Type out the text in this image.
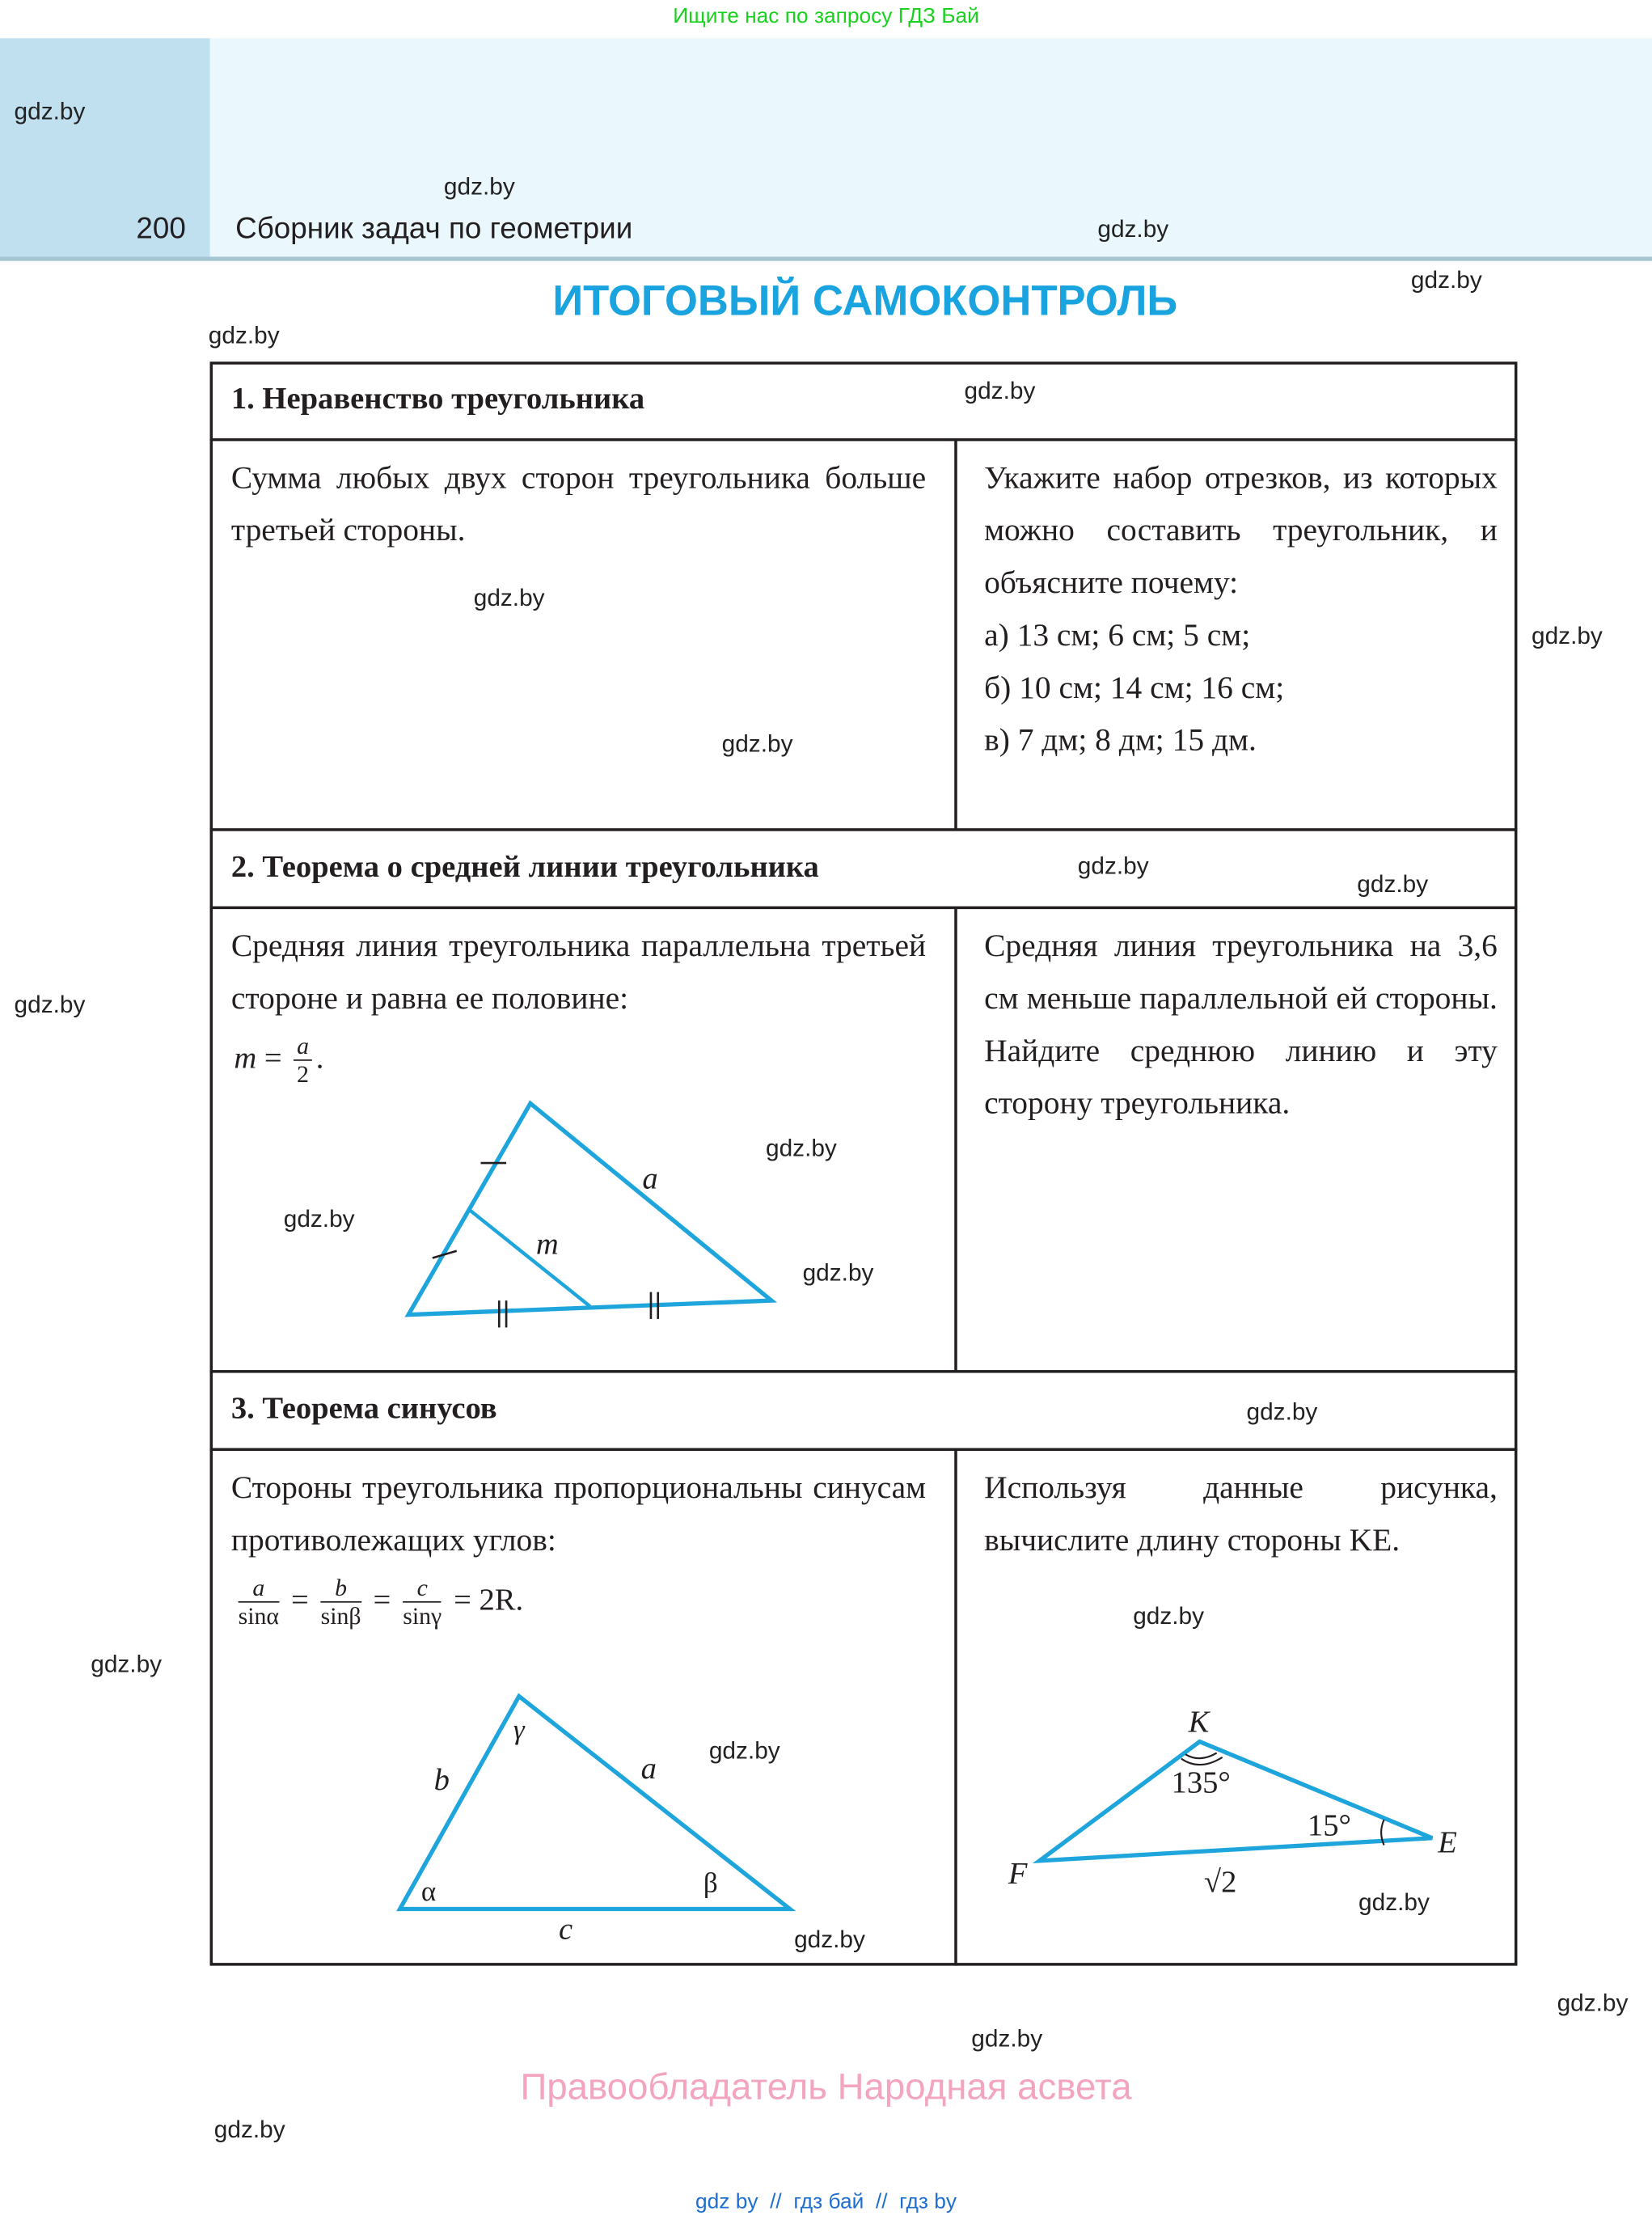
Ищите нас по запросу ГДЗ Бай
200	Сборник задач по геометрии
ИТОГОВЫЙ САМОКОНТРОЛЬ
1. Неравенство треугольника
Сумма любых двух сторон треугольника больше третьей стороны.
Укажите набор отрезков, из которых можно составить треугольник, и объясните почему:
а) 13 см; 6 см; 5 см;
б) 10 см; 14 см; 16 см;
в) 7 дм; 8 дм; 15 дм.
2. Теорема о средней линии треугольника
Средняя линия треугольника параллельна третьей стороне и равна ее половине:
$m = \frac{a}{2}$ .
Средняя линия треугольника на 3,6 см меньше параллельной ей стороны. Найдите среднюю линию и эту сторону треугольника.
3. Теорема синусов
Стороны треугольника пропорциональны синусам противолежащих углов:
$\frac{a}{\sin\alpha} = \frac{b}{\sin\beta} = \frac{c}{\sin\gamma} = 2R$.
Используя данные рисунка, вычислите длину стороны KE.
a
m
γ
b	a
α	β
c
K
135°
15°
E
F	√2
gdz.by
gdz.by
gdz.by
gdz.by
gdz.by
gdz.by
gdz.by
gdz.by
gdz.by
gdz.by
gdz.by
gdz.by
gdz.by
gdz.by
gdz.by
gdz.by
gdz.by
gdz.by
gdz.by
gdz.by
gdz.by
gdz.by
gdz.by
gdz.by
Правообладатель Народная асвета
gdz by  //  гдз бай  //  гдз by
